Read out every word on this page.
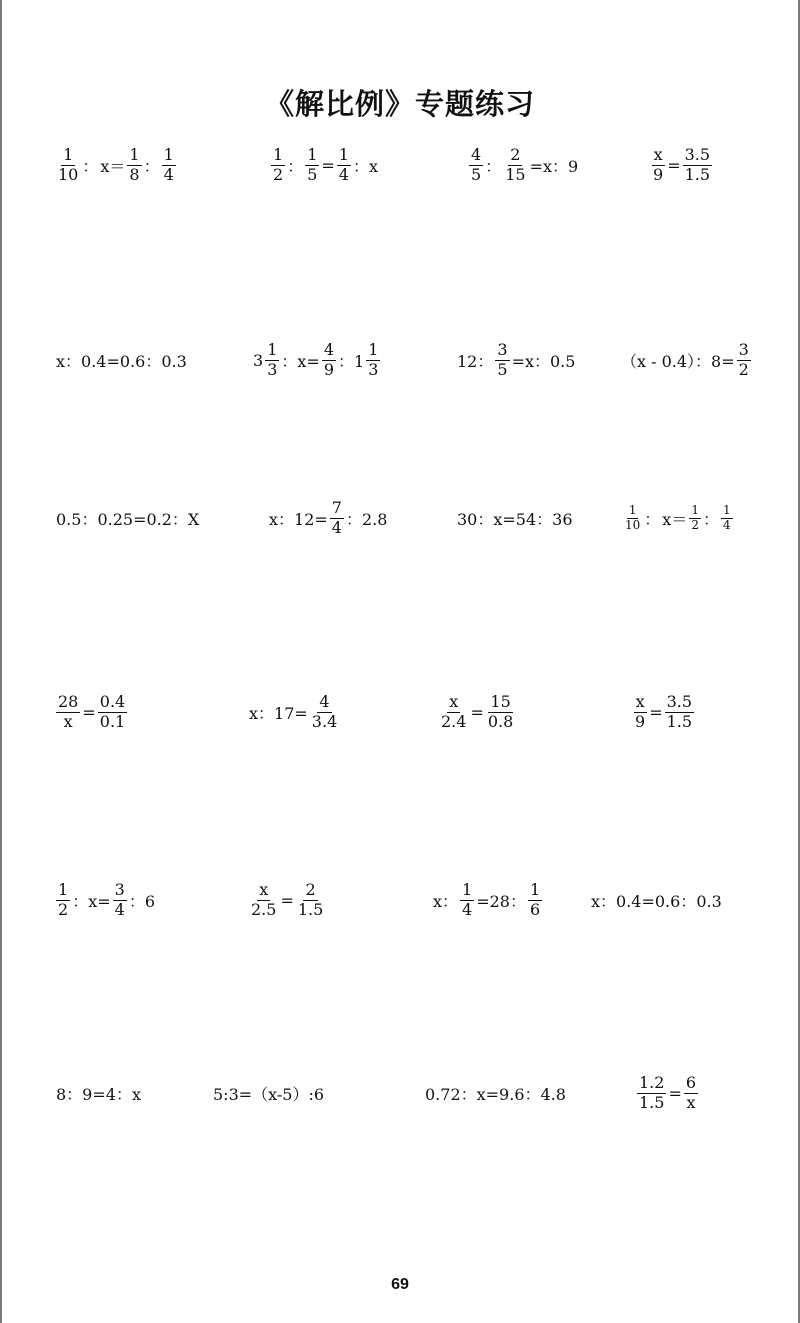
《解比例》专题练习
$\frac{1}{10}$ ： $x= \frac{1}{8}$ ： $\frac{1}{4}$	$\frac{1}{2}$ ： $\frac{1}{5} = \frac{1}{4}$ ：x	$\frac{4}{5}$ ： $\frac{2}{15} =x$：9	$\frac{x}{9} = \frac{3.5}{1.5}$
x：0.4=0.6：0.3	$3 \frac{1}{3}$ ：$x= \frac{4}{9}$ ：$1 \frac{1}{3}$	12： $\frac{3}{5} =x$：0.5	（x - 0.4）：$8= \frac{3}{2}$
0.5：0.25=0.2：X	x：$12= \frac{7}{4}$ ：2.8	30：x=54：36	$\frac{1}{10}$ ： $x= \frac{1}{2}$ ： $\frac{1}{4}$
$\frac{28}{x} = \frac{0.4}{0.1}$	x：$17= \frac{4}{3.4}$	$\frac{x}{2.4} = \frac{15}{0.8}$	$\frac{x}{9} = \frac{3.5}{1.5}$
$\frac{1}{2}$ ：$x= \frac{3}{4}$ ：6	$\frac{x}{2.5} = \frac{2}{1.5}$	x： $\frac{1}{4} =28$： $\frac{1}{6}$	x：0.4=0.6：0.3
8：9=4：x	5:3=（x-5）:6	0.72：x=9.6：4.8	$\frac{1.2}{1.5} = \frac{6}{x}$
69
